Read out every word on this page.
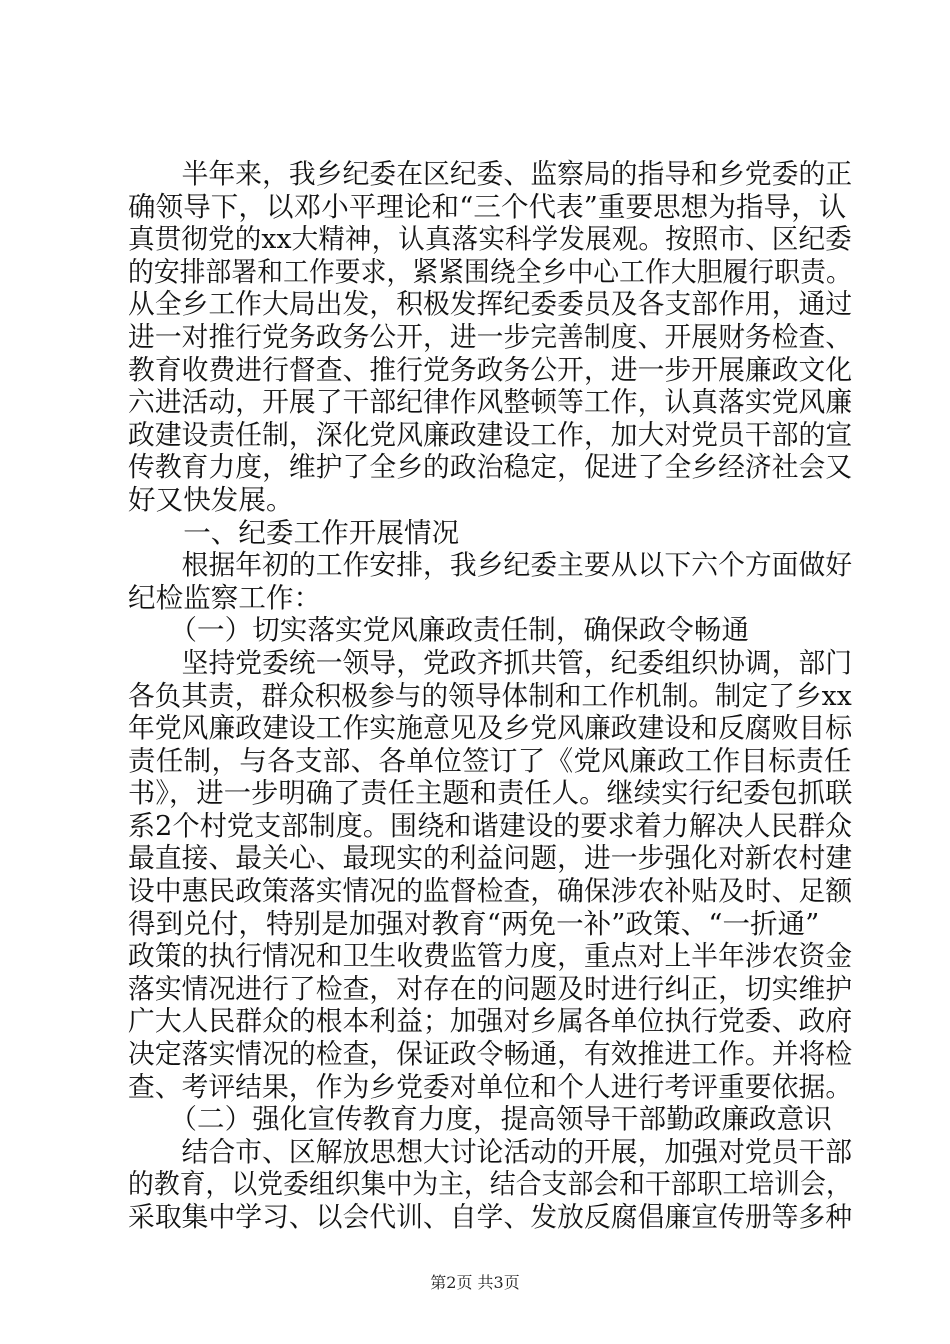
　　半年来，我乡纪委在区纪委、监察局的指导和乡党委的正
确领导下，以邓小平理论和“三个代表”重要思想为指导，认
真贯彻党的xx大精神，认真落实科学发展观。按照市、区纪委
的安排部署和工作要求，紧紧围绕全乡中心工作大胆履行职责。
从全乡工作大局出发，积极发挥纪委委员及各支部作用，通过
进一对推行党务政务公开，进一步完善制度、开展财务检查、
教育收费进行督查、推行党务政务公开，进一步开展廉政文化
六进活动，开展了干部纪律作风整顿等工作，认真落实党风廉
政建设责任制，深化党风廉政建设工作，加大对党员干部的宣
传教育力度，维护了全乡的政治稳定，促进了全乡经济社会又
好又快发展。
　　一、纪委工作开展情况
　　根据年初的工作安排，我乡纪委主要从以下六个方面做好
纪检监察工作：
　　（一）切实落实党风廉政责任制，确保政令畅通
　　坚持党委统一领导，党政齐抓共管，纪委组织协调，部门
各负其责，群众积极参与的领导体制和工作机制。制定了乡xx
年党风廉政建设工作实施意见及乡党风廉政建设和反腐败目标
责任制，与各支部、各单位签订了《党风廉政工作目标责任
书》，进一步明确了责任主题和责任人。继续实行纪委包抓联
系2个村党支部制度。围绕和谐建设的要求着力解决人民群众
最直接、最关心、最现实的利益问题，进一步强化对新农村建
设中惠民政策落实情况的监督检查，确保涉农补贴及时、足额
得到兑付，特别是加强对教育“两免一补”政策、“一折通”
政策的执行情况和卫生收费监管力度，重点对上半年涉农资金
落实情况进行了检查，对存在的问题及时进行纠正，切实维护
广大人民群众的根本利益；加强对乡属各单位执行党委、政府
决定落实情况的检查，保证政令畅通，有效推进工作。并将检
查、考评结果，作为乡党委对单位和个人进行考评重要依据。
　　（二）强化宣传教育力度，提高领导干部勤政廉政意识
　　结合市、区解放思想大讨论活动的开展，加强对党员干部
的教育，以党委组织集中为主，结合支部会和干部职工培训会，
采取集中学习、以会代训、自学、发放反腐倡廉宣传册等多种
第2页 共3页
